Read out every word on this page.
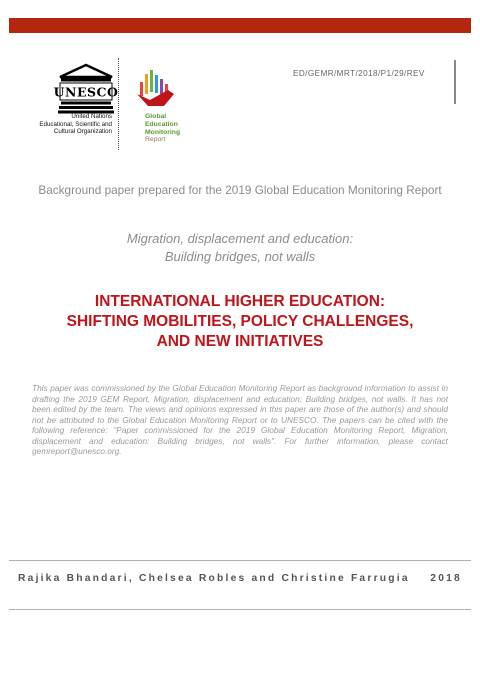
UNESCO
United Nations
Educational, Scientific and
Cultural Organization
Global
Education
Monitoring
Report
ED/GEMR/MRT/2018/P1/29/REV
Background paper prepared for the 2019 Global Education Monitoring Report
Migration, displacement and education:
Building bridges, not walls
INTERNATIONAL HIGHER EDUCATION:
SHIFTING MOBILITIES, POLICY CHALLENGES,
AND NEW INITIATIVES
This paper was commissioned by the Global Education Monitoring Report as background information to assist in drafting the 2019 GEM Report, Migration, displacement and education: Building bridges, not walls. It has not been edited by the team. The views and opinions expressed in this paper are those of the author(s) and should not be attributed to the Global Education Monitoring Report or to UNESCO. The papers can be cited with the following reference: “Paper commissioned for the 2019 Global Education Monitoring Report, Migration, displacement and education: Building bridges, not walls”. For further information, please contact gemreport@unesco.org.
Rajika Bhandari, Chelsea Robles and Christine Farrugia 2018
